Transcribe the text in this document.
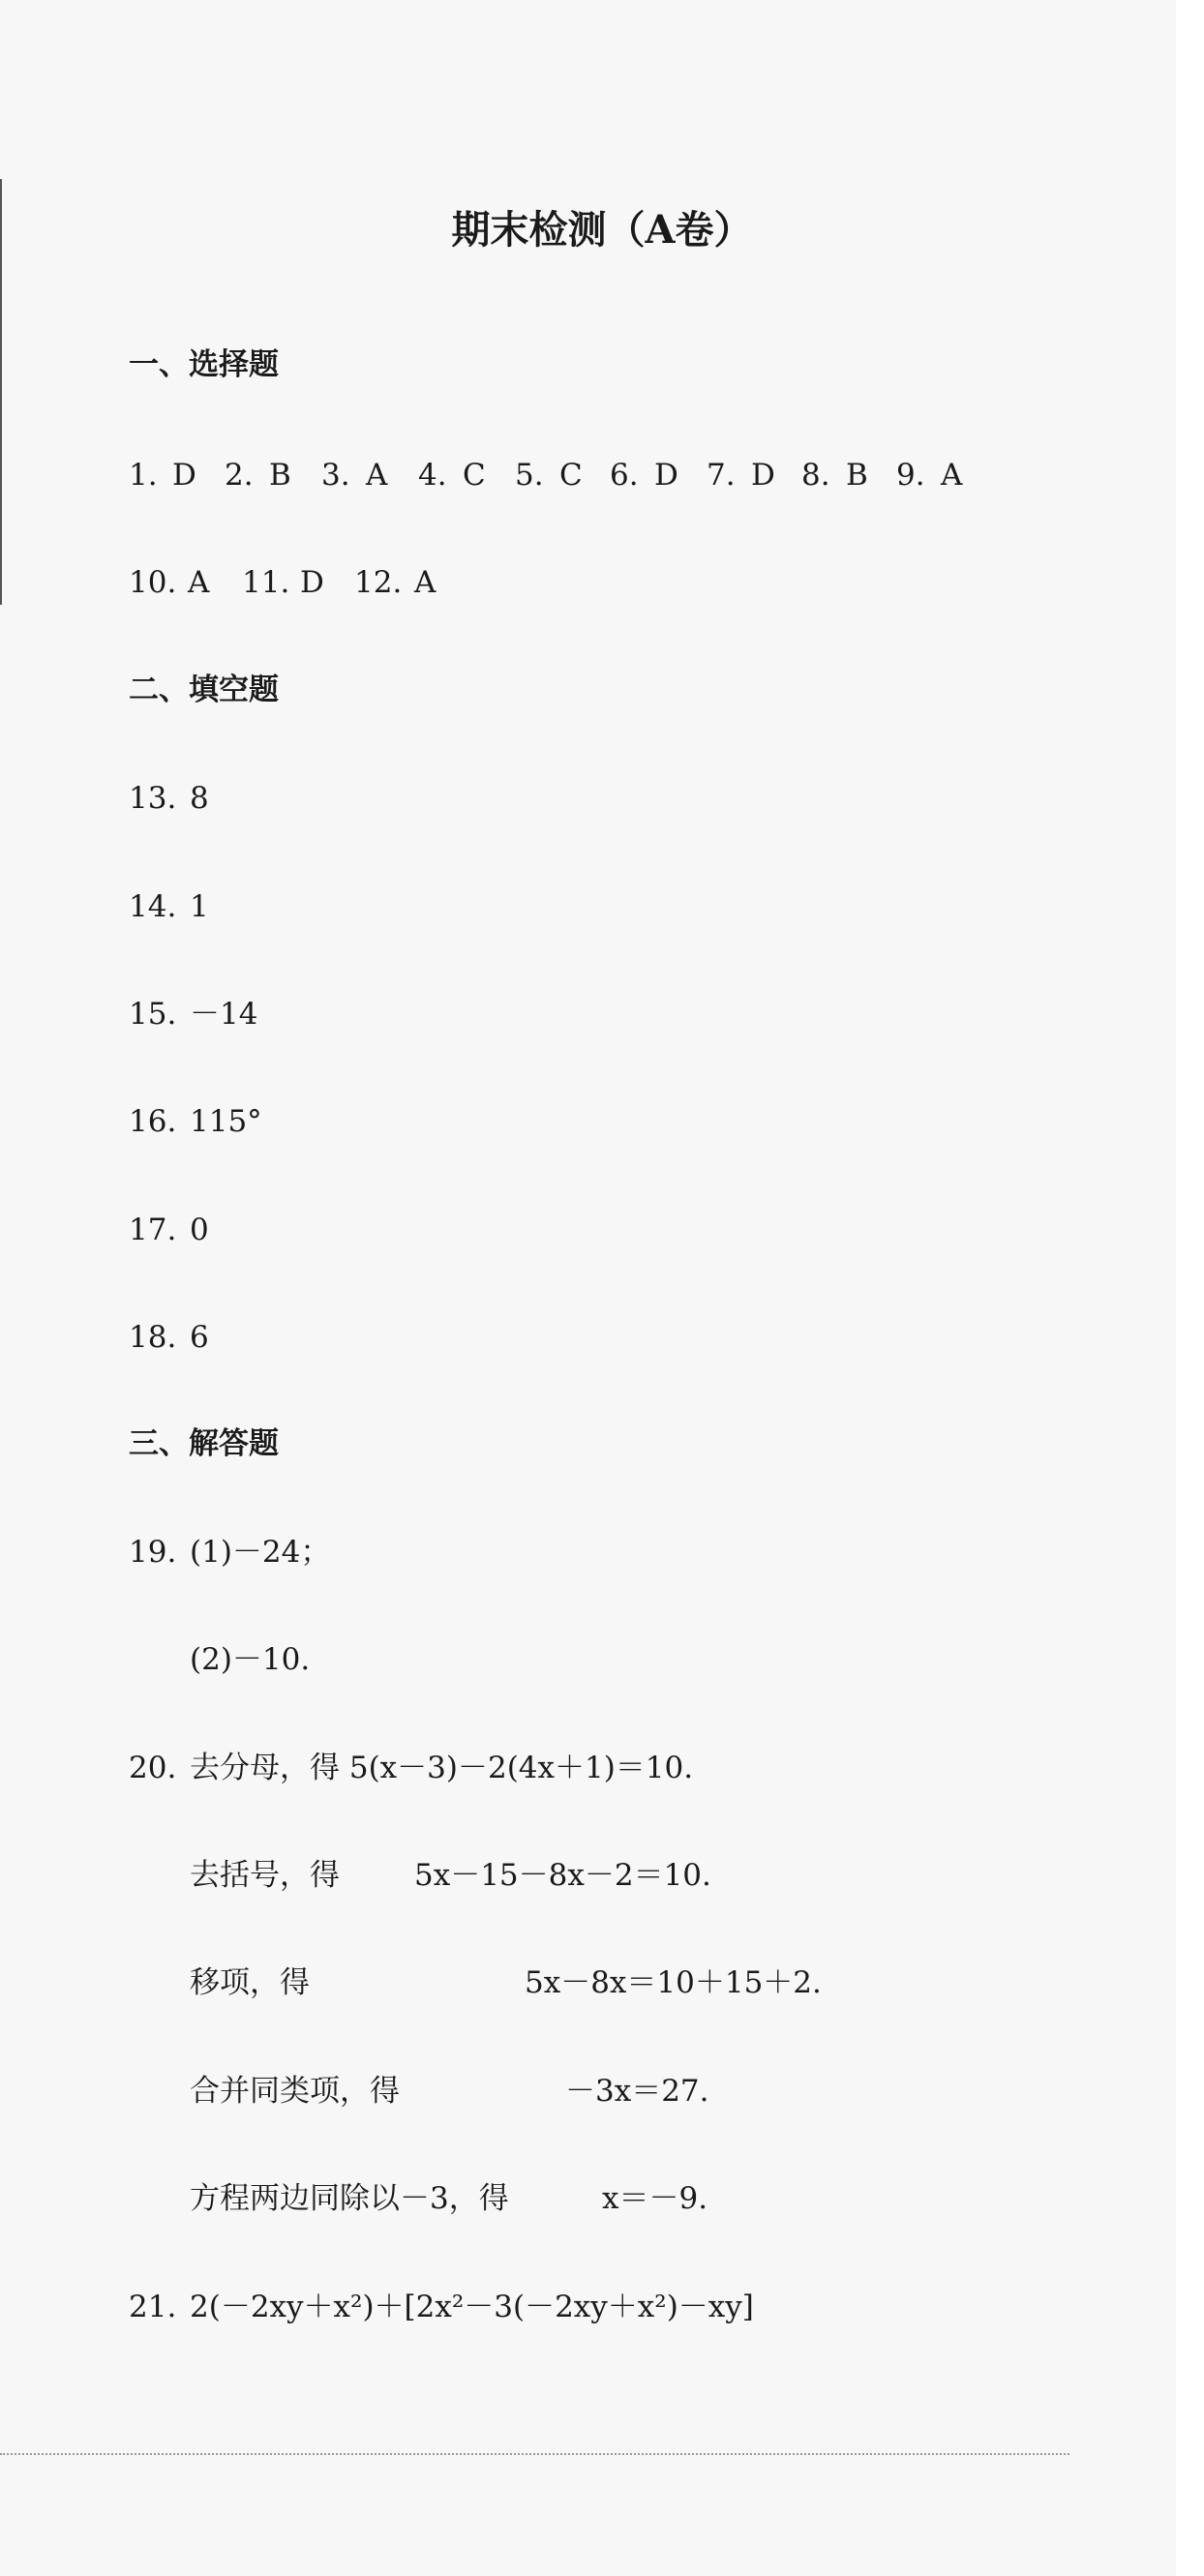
期末检测（A卷）
一、选择题
1. D 2. B 3. A 4. C 5. C 6. D 7. D 8. B 9. A
10. A 11. D 12. A
二、填空题
13. 8
14. 1
15. －14
16. 115°
17. 0
18. 6
三、解答题
19. (1)－24；
(2)－10.
20. 去分母，得 5(x－3)－2(4x＋1)＝10.
去括号，得 5x－15－8x－2＝10.
移项，得	5x－8x＝10＋15＋2.
合并同类项，得	－3x＝27.
方程两边同除以－3，得	x＝－9.
21. 2(－2xy＋x²)＋[2x²－3(－2xy＋x²)－xy]
